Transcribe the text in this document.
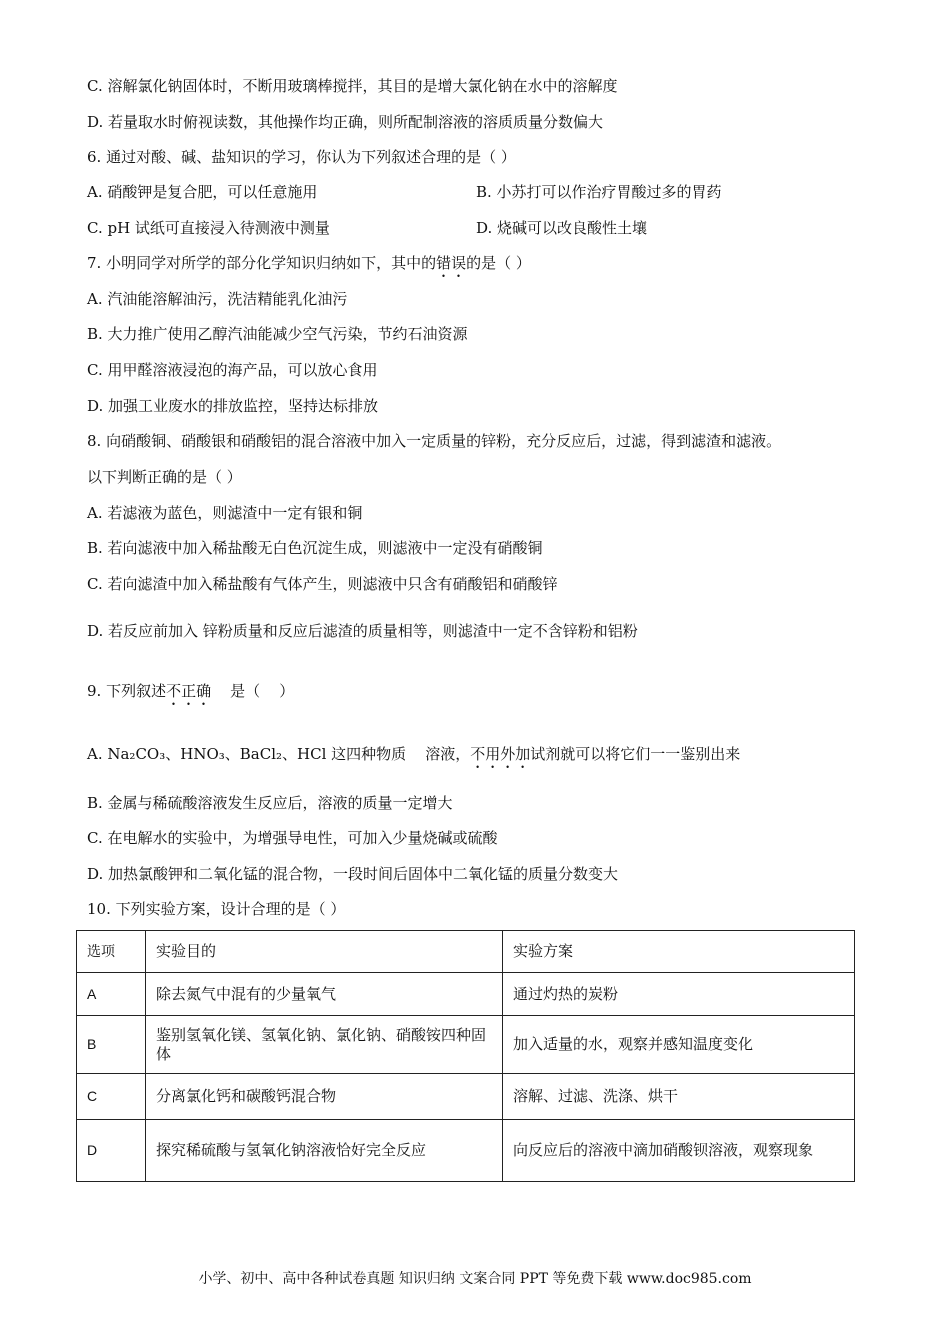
C. 溶解氯化钠固体时，不断用玻璃棒搅拌，其目的是增大氯化钠在水中的溶解度
D. 若量取水时俯视读数，其他操作均正确，则所配制溶液的溶质质量分数偏大
6. 通过对酸、碱、盐知识的学习，你认为下列叙述合理的是（ ）
A. 硝酸钾是复合肥，可以任意施用	B. 小苏打可以作治疗胃酸过多的胃药
C. pH 试纸可直接浸入待测液中测量	D. 烧碱可以改良酸性土壤
7. 小明同学对所学的部分化学知识归纳如下，其中的错误的是（ ）
A. 汽油能溶解油污，洗洁精能乳化油污
B. 大力推广使用乙醇汽油能减少空气污染，节约石油资源
C. 用甲醛溶液浸泡的海产品，可以放心食用
D. 加强工业废水的排放监控，坚持达标排放
8. 向硝酸铜、硝酸银和硝酸铝的混合溶液中加入一定质量的锌粉，充分反应后，过滤，得到滤渣和滤液。
以下判断正确的是（ ）
A. 若滤液为蓝色，则滤渣中一定有银和铜
B. 若向滤液中加入稀盐酸无白色沉淀生成，则滤液中一定没有硝酸铜
C. 若向滤渣中加入稀盐酸有气体产生，则滤液中只含有硝酸铝和硝酸锌
D. 若反应前加入 锌粉质量和反应后滤渣的质量相等，则滤渣中一定不含锌粉和铝粉
9. 下列叙述不正确    是（    ）
A. Na₂CO₃、HNO₃、BaCl₂、HCl 这四种物质    溶液，不用外加试剂就可以将它们一一鉴别出来
B. 金属与稀硫酸溶液发生反应后，溶液的质量一定增大
C. 在电解水的实验中，为增强导电性，可加入少量烧碱或硫酸
D. 加热氯酸钾和二氧化锰的混合物，一段时间后固体中二氧化锰的质量分数变大
10. 下列实验方案，设计合理的是（ ）
选项	实验目的	实验方案
A	除去氮气中混有的少量氧气	通过灼热的炭粉
B	鉴别氢氧化镁、氢氧化钠、氯化钠、硝酸铵四种固体	加入适量的水，观察并感知温度变化
C	分离氯化钙和碳酸钙混合物	溶解、过滤、洗涤、烘干
D	探究稀硫酸与氢氧化钠溶液恰好完全反应	向反应后的溶液中滴加硝酸钡溶液，观察现象
小学、初中、高中各种试卷真题 知识归纳 文案合同 PPT 等免费下载 www.doc985.com
